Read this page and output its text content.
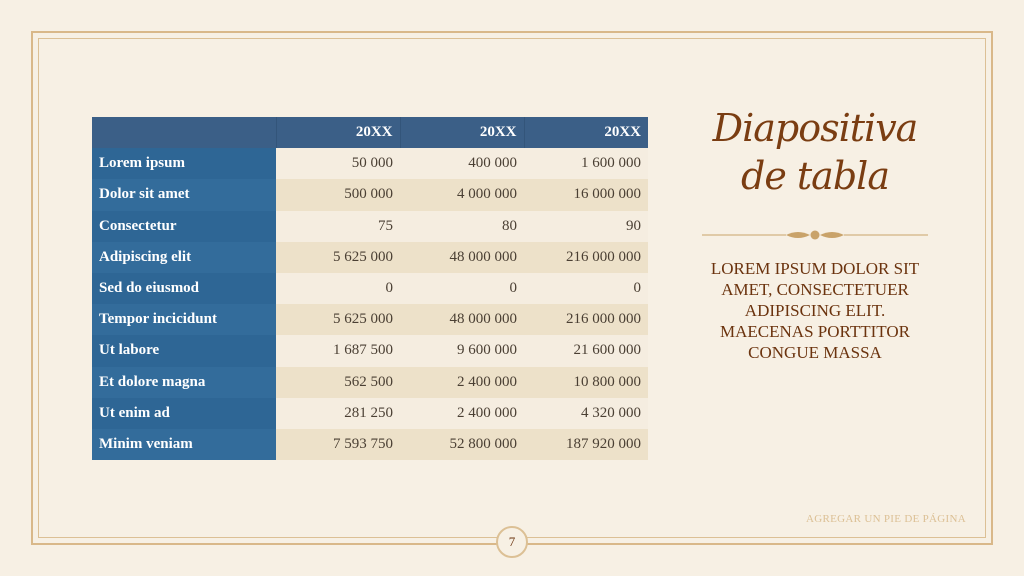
	20XX	20XX	20XX
Lorem ipsum	50 000	400 000	1 600 000
Dolor sit amet	500 000	4 000 000	16 000 000
Consectetur	75	80	90
Adipiscing elit	5 625 000	48 000 000	216 000 000
Sed do eiusmod	0	0	0
Tempor incicidunt	5 625 000	48 000 000	216 000 000
Ut labore	1 687 500	9 600 000	21 600 000
Et dolore magna	562 500	2 400 000	10 800 000
Ut enim ad	281 250	2 400 000	4 320 000
Minim veniam	7 593 750	52 800 000	187 920 000
Diapositiva
de tabla
LOREM IPSUM DOLOR SIT AMET, CONSECTETUER ADIPISCING ELIT. MAECENAS PORTTITOR CONGUE MASSA
AGREGAR UN PIE DE PÁGINA
7
